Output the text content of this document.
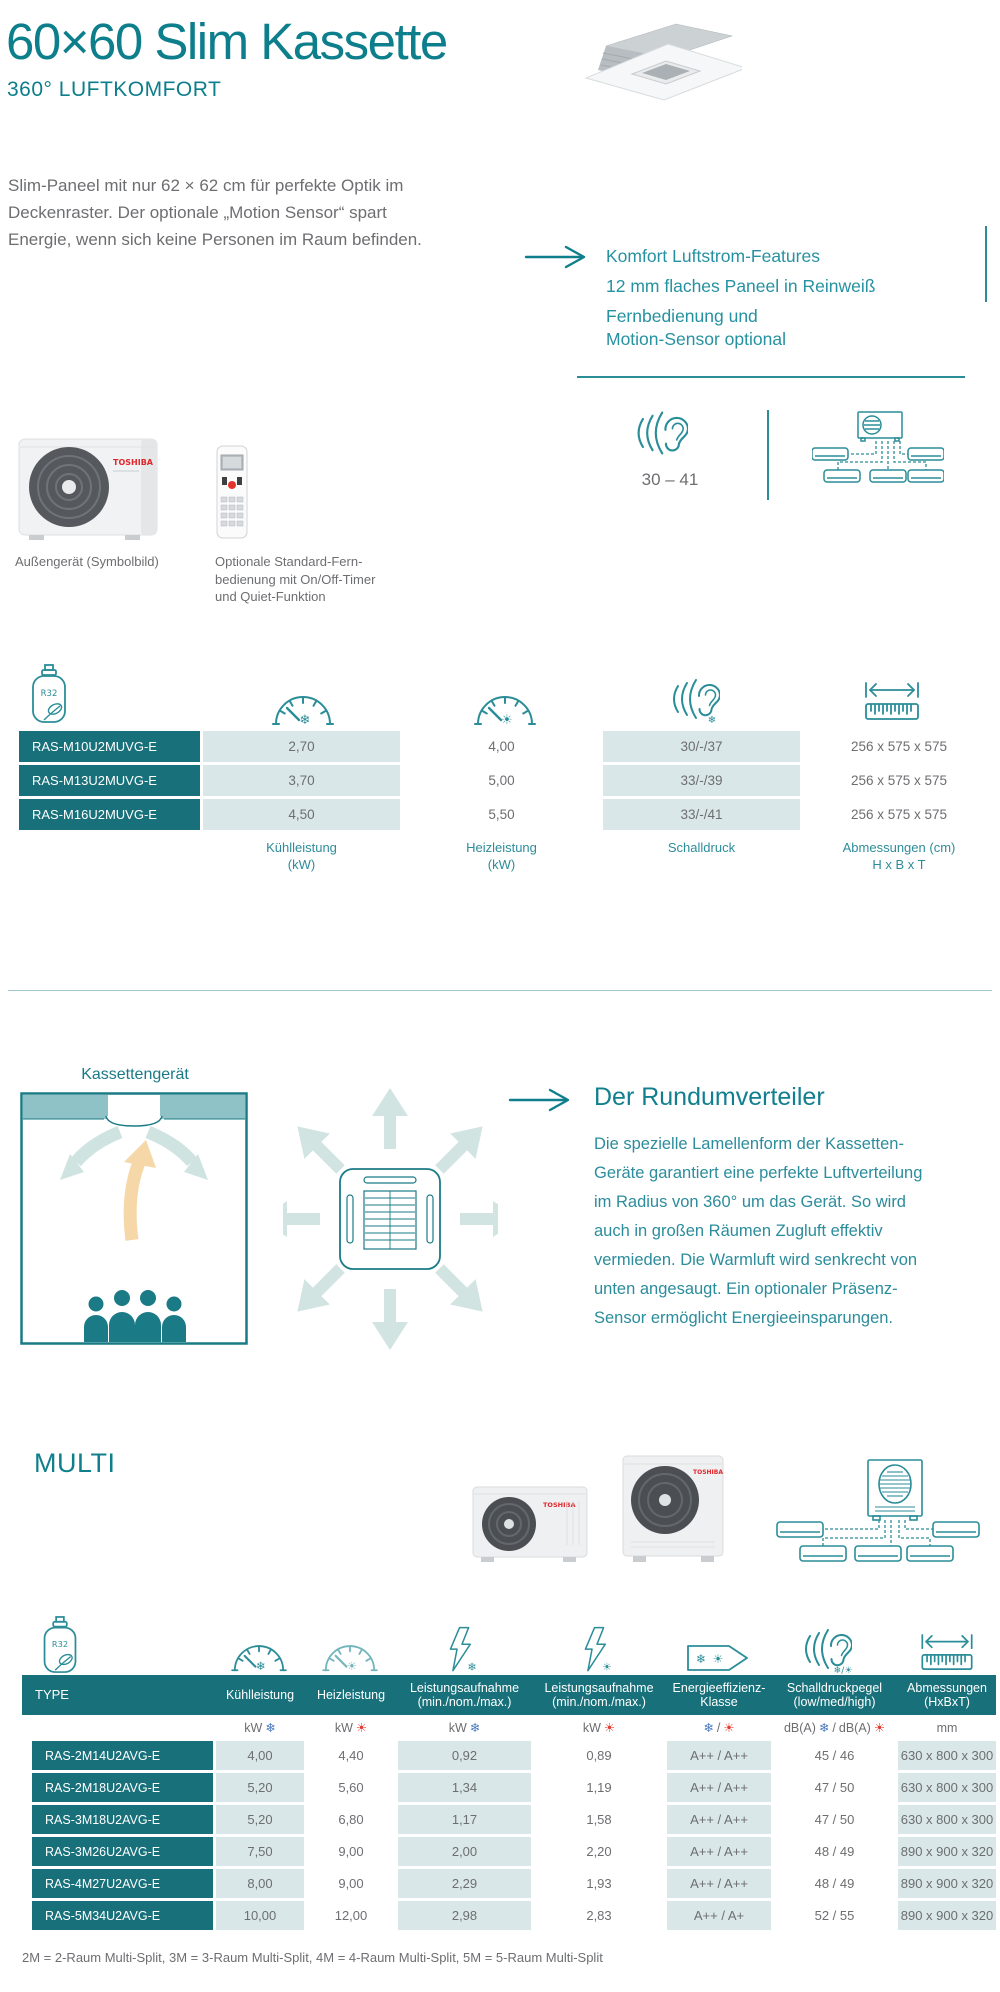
60×60 Slim Kassette
360° LUFTKOMFORT
Slim-Paneel mit nur 62 × 62 cm für perfekte Optik im
Deckenraster. Der optionale „Motion Sensor“ spart
Energie, wenn sich keine Personen im Raum befinden.
Komfort Luftstrom-Features
12 mm flaches Paneel in Reinweiß
Fernbedienung und
Motion-Sensor optional
TOSHIBA
Außengerät (Symbolbild)	Optionale Standard-Fern-
bedienung mit On/Off-Timer
und Quiet-Funktion
30 – 41
R32
❄	☀	❄
RAS-M10U2MUVG-E	2,70	4,00	30/-/37	256 x 575 x 575
RAS-M13U2MUVG-E	3,70	5,00	33/-/39	256 x 575 x 575
RAS-M16U2MUVG-E	4,50	5,50	33/-/41	256 x 575 x 575
Kühlleistung
(kW)
Heizleistung
(kW)
Schalldruck	Abmessungen (cm)
H x B x T
Kassettengerät
Der Rundumverteiler
Die spezielle Lamellenform der Kassetten-
Geräte garantiert eine perfekte Luftverteilung
im Radius von 360° um das Gerät. So wird
auch in großen Räumen Zugluft effektiv
vermieden. Die Warmluft wird senkrecht von
unten angesaugt. Ein optionaler Präsenz-
Sensor ermöglicht Energieeinsparungen.
MULTI
TOSHIBA
TOSHIBA
R32
❄	☀	❄	☀
❄ ☀
❄/☀
TYPE	Kühlleistung Heizleistung
Leistungsaufnahme
(min./nom./max.)
Leistungsaufnahme
(min./nom./max.)
Energieeffizienz-
Klasse
Schalldruckpegel
(low/med/high)
Abmessungen
(HxBxT)
kW ❄	kW ☀	kW ❄	kW ☀	❄ / ☀	dB(A) ❄ / dB(A) ☀	mm
RAS-2M14U2AVG-E	4,00	4,40	0,92	0,89	A++ / A++	45 / 46	630 x 800 x 300
RAS-2M18U2AVG-E	5,20	5,60	1,34	1,19	A++ / A++	47 / 50	630 x 800 x 300
RAS-3M18U2AVG-E	5,20	6,80	1,17	1,58	A++ / A++	47 / 50	630 x 800 x 300
RAS-3M26U2AVG-E	7,50	9,00	2,00	2,20	A++ / A++	48 / 49	890 x 900 x 320
RAS-4M27U2AVG-E	8,00	9,00	2,29	1,93	A++ / A++	48 / 49	890 x 900 x 320
RAS-5M34U2AVG-E	10,00	12,00	2,98	2,83	A++ / A+	52 / 55	890 x 900 x 320
2M = 2-Raum Multi-Split, 3M = 3-Raum Multi-Split, 4M = 4-Raum Multi-Split, 5M = 5-Raum Multi-Split
